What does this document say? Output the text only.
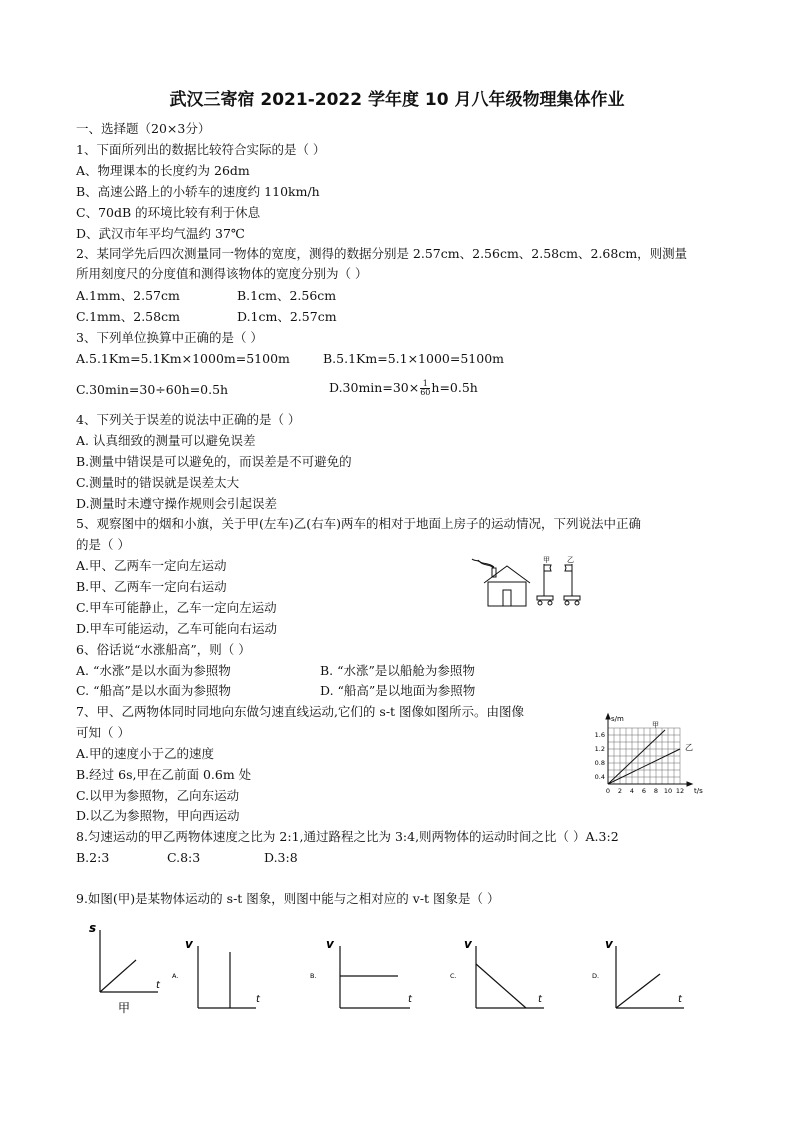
武汉三寄宿 2021-2022 学年度 10 月八年级物理集体作业
一、选择题（20×3分）
1、下面所列出的数据比较符合实际的是（ ）
A、物理课本的长度约为 26dm
B、高速公路上的小轿车的速度约 110km/h
C、70dB 的环境比较有利于休息
D、武汉市年平均气温约 37℃
2、某同学先后四次测量同一物体的宽度，测得的数据分别是 2.57cm、2.56cm、2.58cm、2.68cm，则测量
所用刻度尺的分度值和测得该物体的宽度分别为（ ）
A.1mm、2.57cm	B.1cm、2.56cm
C.1mm、2.58cm	D.1cm、2.57cm
3、下列单位换算中正确的是（ ）
A.5.1Km=5.1Km×1000m=5100m	B.5.1Km=5.1×1000=5100m
C.30min=30÷60h=0.5h	$D.30\min=30\times \frac{1}{60} h=0.5h$
4、下列关于误差的说法中正确的是（ ）
A. 认真细致的测量可以避免误差
B.测量中错误是可以避免的，而误差是不可避免的
C.测量时的错误就是误差太大
D.测量时未遵守操作规则会引起误差
5、观察图中的烟和小旗，关于甲(左车)乙(右车)两车的相对于地面上房子的运动情况，下列说法中正确
的是（ ）
A.甲、乙两车一定向左运动
B.甲、乙两车一定向右运动
C.甲车可能静止，乙车一定向左运动
D.甲车可能运动，乙车可能向右运动
甲 乙
6、俗话说“水涨船高”，则（ ）
A. “水涨”是以水面为参照物	B. “水涨”是以船舱为参照物
C. “船高”是以水面为参照物	D. “船高”是以地面为参照物
7、甲、乙两物体同时同地向东做匀速直线运动,它们的 s-t 图像如图所示。由图像
可知（ ）
A.甲的速度小于乙的速度
B.经过 6s,甲在乙前面 0.6m 处
C.以甲为参照物，乙向东运动
D.以乙为参照物，甲向西运动
s/m
t/s
甲
乙
1.6
1.2
0.8
0.4
0 2 4 6 8 10 12
8.匀速运动的甲乙两物体速度之比为 2:1,通过路程之比为 3:4,则两物体的运动时间之比（ ）A.3:2
B.2:3	C.8:3	D.3:8
9.如图(甲)是某物体运动的 s-t 图象，则图中能与之相对应的 v-t 图象是（ ）
s
t
甲
A.
v
t
B.
v
t
C.
v
t
D.
v
t
